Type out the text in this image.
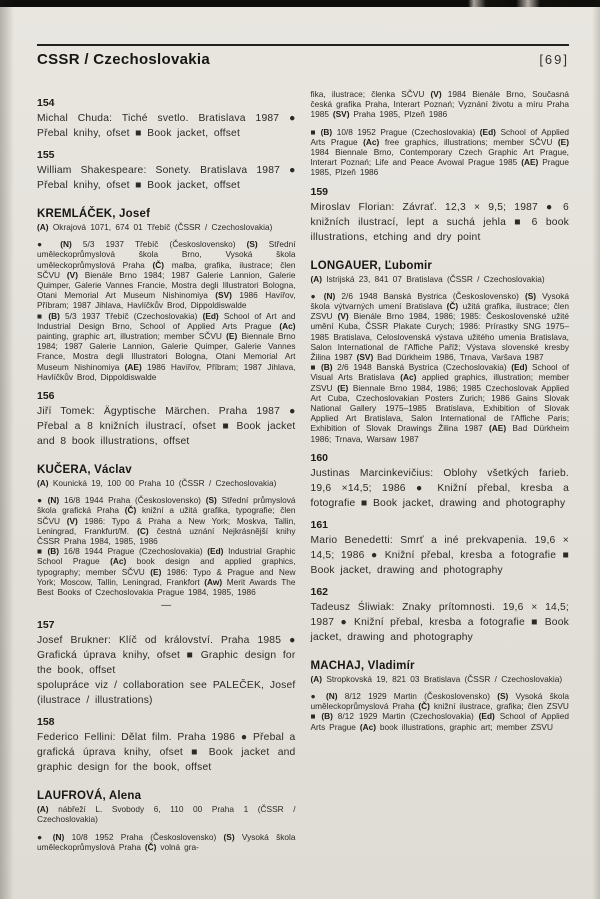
CSSR / Czechoslovakia	[69]
154
Michal Chuda: Tiché svetlo. Bratislava 1987 ● Přebal knihy, ofset ■ Book jacket, offset
155
William Shakespeare: Sonety. Bratislava 1987 ● Přebal knihy, ofset ■ Book jacket, offset
KREMLÁČEK, Josef
(A) Okrajová 1071, 674 01 Třebíč (ČSSR / Czechoslovakia)
● (N) 5/3 1937 Třebíč (Československo) (S) Střední uměleckoprůmyslová škola Brno, Vysoká škola uměleckoprůmyslová Praha (Č) malba, grafika, ilustrace; člen SČVU (V) Bienále Brno 1984; 1987 Galerie Lannion, Galerie Quimper, Galerie Vannes Francie, Mostra degli Illustratori Bologna, Otani Memorial Art Museum Nishinomiya (SV) 1986 Havířov, Příbram; 1987 Jihlava, Havlíčkův Brod, Dippoldiswalde
■ (B) 5/3 1937 Třebíč (Czechoslovakia) (Ed) School of Art and Industrial Design Brno, School of Applied Arts Prague (Ac) painting, graphic art, illustration; member SČVU (E) Biennale Brno 1984; 1987 Galerie Lannion, Galerie Quimper, Galerie Vannes France, Mostra degli Illustratori Bologna, Otani Memorial Art Museum Nishinomiya (AE) 1986 Havířov, Příbram; 1987 Jihlava, Havlíčkův Brod, Dippoldiswalde
156
Jiří Tomek: Ägyptische Märchen. Praha 1987 ● Přebal a 8 knižních ilustrací, ofset ■ Book jacket and 8 book illustrations, offset
KUČERA, Václav
(A) Kounická 19, 100 00 Praha 10 (ČSSR / Czechoslovakia)
● (N) 16/8 1944 Praha (Československo) (S) Střední průmyslová škola grafická Praha (Č) knižní a užitá grafika, typografie; člen SČVU (V) 1986: Typo & Praha a New York; Moskva, Tallin, Leningrad, Frankfurt/M. (C) čestná uznání Nejkrásnější knihy ČSSR Praha 1984, 1985, 1986
■ (B) 16/8 1944 Prague (Czechoslovakia) (Ed) Industrial Graphic School Prague (Ac) book design and applied graphics, typography; member SČVU (E) 1986: Typo & Prague and New York; Moscow, Tallin, Leningrad, Frankfort (Aw) Merit Awards The Best Books of Czechoslovakia Prague 1984, 1985, 1986
—
157
Josef Brukner: Klíč od království. Praha 1985 ● Grafická úprava knihy, ofset ■ Graphic design for the book, offset
spolupráce viz / collaboration see PALEČEK, Josef (ilustrace / illustrations)
158
Federico Fellini: Dělat film. Praha 1986 ● Přebal a grafická úprava knihy, ofset ■ Book jacket and graphic design for the book, offset
LAUFROVÁ, Alena
(A) nábřeží L. Svobody 6, 110 00 Praha 1 (ČSSR / Czechoslovakia)
● (N) 10/8 1952 Praha (Československo) (S) Vysoká škola uměleckoprůmyslová Praha (Č) volná gra-
fika, ilustrace; členka SČVU (V) 1984 Bienále Brno, Současná česká grafika Praha, Interart Poznań; Vyznání životu a míru Praha 1985 (SV) Praha 1985, Plzeň 1986
■ (B) 10/8 1952 Prague (Czechoslovakia) (Ed) School of Applied Arts Prague (Ac) free graphics, illustrations; member SČVU (E) 1984 Biennale Brno, Contemporary Czech Graphic Art Prague, Interart Poznań; Life and Peace Avowal Prague 1985 (AE) Prague 1985, Plzeň 1986
159
Miroslav Florian: Závrať. 12,3 × 9,5; 1987 ● 6 knižních ilustrací, lept a suchá jehla ■ 6 book illustrations, etching and dry point
LONGAUER, Ľubomir
(A) Istrijská 23, 841 07 Bratislava (ČSSR / Czechoslovakia)
● (N) 2/6 1948 Banská Bystrica (Československo) (S) Vysoká škola výtvarných umení Bratislava (Č) užitá grafika, ilustrace; člen ZSVU (V) Bienále Brno 1984, 1986; 1985: Československé užité umění Kuba, ČSSR Plakate Curych; 1986: Prírastky SNG 1975–1985 Bratislava, Celoslovenská výstava užitého umenia Bratislava, Salon International de l'Affiche Paříž; Výstava slovenské kresby Žilina 1987 (SV) Bad Dürkheim 1986, Trnava, Varšava 1987
■ (B) 2/6 1948 Banská Bystrica (Czechoslovakia) (Ed) School of Visual Arts Bratislava (Ac) applied graphics, illustration; member ZSVU (E) Biennale Brno 1984, 1986; 1985 Czechoslovak Applied Art Cuba, Czechoslovakian Posters Zurich; 1986 Gains Slovak National Gallery 1975–1985 Bratislava, Exhibition of Slovak Applied Art Bratislava, Salon International de l'Affiche Paris; Exhibition of Slovak Drawings Žilina 1987 (AE) Bad Dürkheim 1986; Trnava, Warsaw 1987
160
Justinas Marcinkevičius: Oblohy všetkých farieb. 19,6 ×14,5; 1986 ● Knižní přebal, kresba a fotografie ■ Book jacket, drawing and photography
161
Mario Benedetti: Smrť a iné prekvapenia. 19,6 × 14,5; 1986 ● Knižní přebal, kresba a fotografie ■ Book jacket, drawing and photography
162
Tadeusz Śliwiak: Znaky prítomnosti. 19,6 × 14,5; 1987 ● Knižní přebal, kresba a fotografie ■ Book jacket, drawing and photography
MACHAJ, Vladimír
(A) Stropkovská 19, 821 03 Bratislava (ČSSR / Czechoslovakia)
● (N) 8/12 1929 Martin (Československo) (S) Vysoká škola uměleckoprůmyslová Praha (Č) knižní ilustrace, grafika; člen ZSVU
■ (B) 8/12 1929 Martin (Czechoslovakia) (Ed) School of Applied Arts Prague (Ac) book illustrations, graphic art; member ZSVU
